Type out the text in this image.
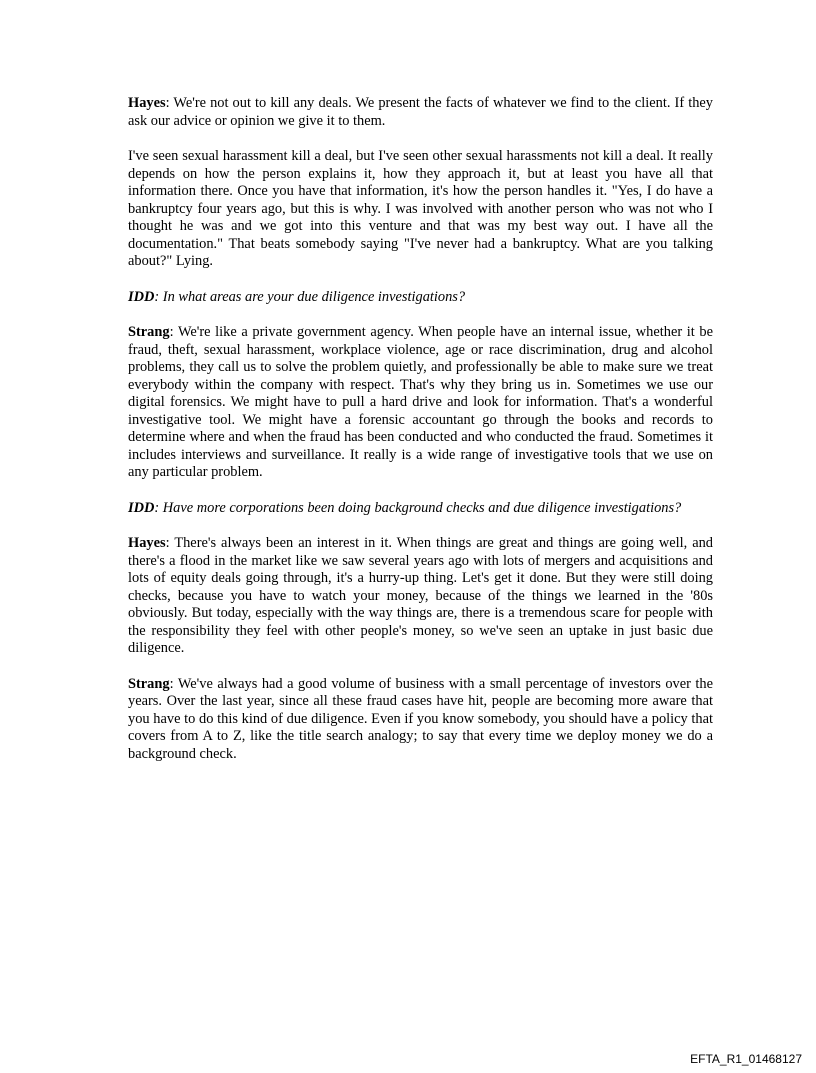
Hayes: We're not out to kill any deals. We present the facts of whatever we find to the client. If they ask our advice or opinion we give it to them.

I've seen sexual harassment kill a deal, but I've seen other sexual harassments not kill a deal. It really depends on how the person explains it, how they approach it, but at least you have all that information there. Once you have that information, it's how the person handles it. "Yes, I do have a bankruptcy four years ago, but this is why. I was involved with another person who was not who I thought he was and we got into this venture and that was my best way out. I have all the documentation." That beats somebody saying "I've never had a bankruptcy. What are you talking about?" Lying.

IDD: In what areas are your due diligence investigations?

Strang: We're like a private government agency. When people have an internal issue, whether it be fraud, theft, sexual harassment, workplace violence, age or race discrimination, drug and alcohol problems, they call us to solve the problem quietly, and professionally be able to make sure we treat everybody within the company with respect. That's why they bring us in. Sometimes we use our digital forensics. We might have to pull a hard drive and look for information. That's a wonderful investigative tool. We might have a forensic accountant go through the books and records to determine where and when the fraud has been conducted and who conducted the fraud. Sometimes it includes interviews and surveillance. It really is a wide range of investigative tools that we use on any particular problem.

IDD: Have more corporations been doing background checks and due diligence investigations?

Hayes: There's always been an interest in it. When things are great and things are going well, and there's a flood in the market like we saw several years ago with lots of mergers and acquisitions and lots of equity deals going through, it's a hurry-up thing. Let's get it done. But they were still doing checks, because you have to watch your money, because of the things we learned in the '80s obviously. But today, especially with the way things are, there is a tremendous scare for people with the responsibility they feel with other people's money, so we've seen an uptake in just basic due diligence.

Strang: We've always had a good volume of business with a small percentage of investors over the years. Over the last year, since all these fraud cases have hit, people are becoming more aware that you have to do this kind of due diligence. Even if you know somebody, you should have a policy that covers from A to Z, like the title search analogy; to say that every time we deploy money we do a background check.

EFTA_R1_01468127
